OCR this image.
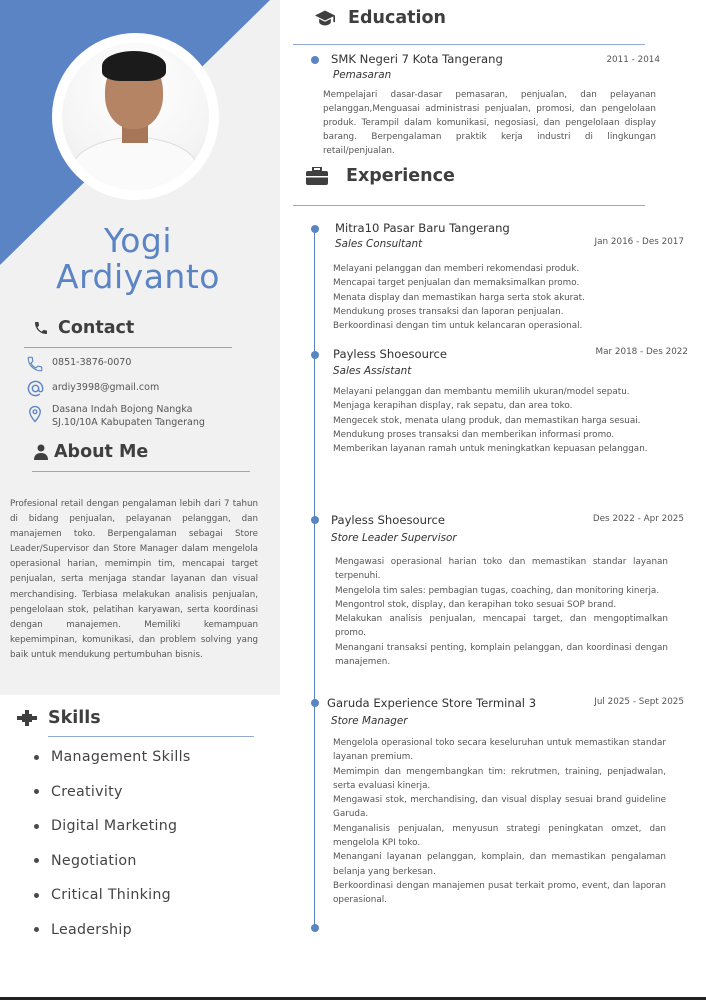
Yogi
Ardiyanto
Contact
0851-3876-0070
ardiy3998@gmail.com
Dasana Indah Bojong Nangka
SJ.10/10A Kabupaten Tangerang
About Me
Profesional retail dengan pengalaman lebih dari 7 tahun di bidang penjualan, pelayanan pelanggan, dan manajemen toko. Berpengalaman sebagai Store Leader/Supervisor dan Store Manager dalam mengelola operasional harian, memimpin tim, mencapai target penjualan, serta menjaga standar layanan dan visual merchandising. Terbiasa melakukan analisis penjualan, pengelolaan stok, pelatihan karyawan, serta koordinasi dengan manajemen. Memiliki kemampuan kepemimpinan, komunikasi, dan problem solving yang baik untuk mendukung pertumbuhan bisnis.
Skills
Management Skills
Creativity
Digital Marketing
Negotiation
Critical Thinking
Leadership
Education
SMK Negeri 7 Kota Tangerang	2011 - 2014
Pemasaran
Mempelajari dasar-dasar pemasaran, penjualan, dan pelayanan pelanggan,Menguasai administrasi penjualan, promosi, dan pengelolaan produk. Terampil dalam komunikasi, negosiasi, dan pengelolaan display barang. Berpengalaman praktik kerja industri di lingkungan retail/penjualan.
Experience
Mitra10 Pasar Baru Tangerang
Jan 2016 - Des 2017
Sales Consultant

Melayani pelanggan dan memberi rekomendasi produk.

Mencapai target penjualan dan memaksimalkan promo.

Menata display dan memastikan harga serta stok akurat.

Mendukung proses transaksi dan laporan penjualan.

Berkoordinasi dengan tim untuk kelancaran operasional.

Payless Shoesource	Mar 2018 - Des 2022
Sales Assistant

Melayani pelanggan dan membantu memilih ukuran/model sepatu.

Menjaga kerapihan display, rak sepatu, dan area toko.

Mengecek stok, menata ulang produk, dan memastikan harga sesuai.

Mendukung proses transaksi dan memberikan informasi promo.

Memberikan layanan ramah untuk meningkatkan kepuasan pelanggan.

Payless Shoesource	Des 2022 - Apr 2025
Store Leader Supervisor

Mengawasi operasional harian toko dan memastikan standar layanan terpenuhi.

Mengelola tim sales: pembagian tugas, coaching, dan monitoring kinerja.

Mengontrol stok, display, dan kerapihan toko sesuai SOP brand.

Melakukan analisis penjualan, mencapai target, dan mengoptimalkan promo.

Menangani transaksi penting, komplain pelanggan, dan koordinasi dengan manajemen.

Garuda Experience Store Terminal 3	Jul 2025 - Sept 2025
Store Manager

Mengelola operasional toko secara keseluruhan untuk memastikan standar layanan premium.

Memimpin dan mengembangkan tim: rekrutmen, training, penjadwalan, serta evaluasi kinerja.

Mengawasi stok, merchandising, dan visual display sesuai brand guideline Garuda.

Menganalisis penjualan, menyusun strategi peningkatan omzet, dan mengelola KPI toko.

Menangani layanan pelanggan, komplain, dan memastikan pengalaman belanja yang berkesan.

Berkoordinasi dengan manajemen pusat terkait promo, event, dan laporan operasional.
